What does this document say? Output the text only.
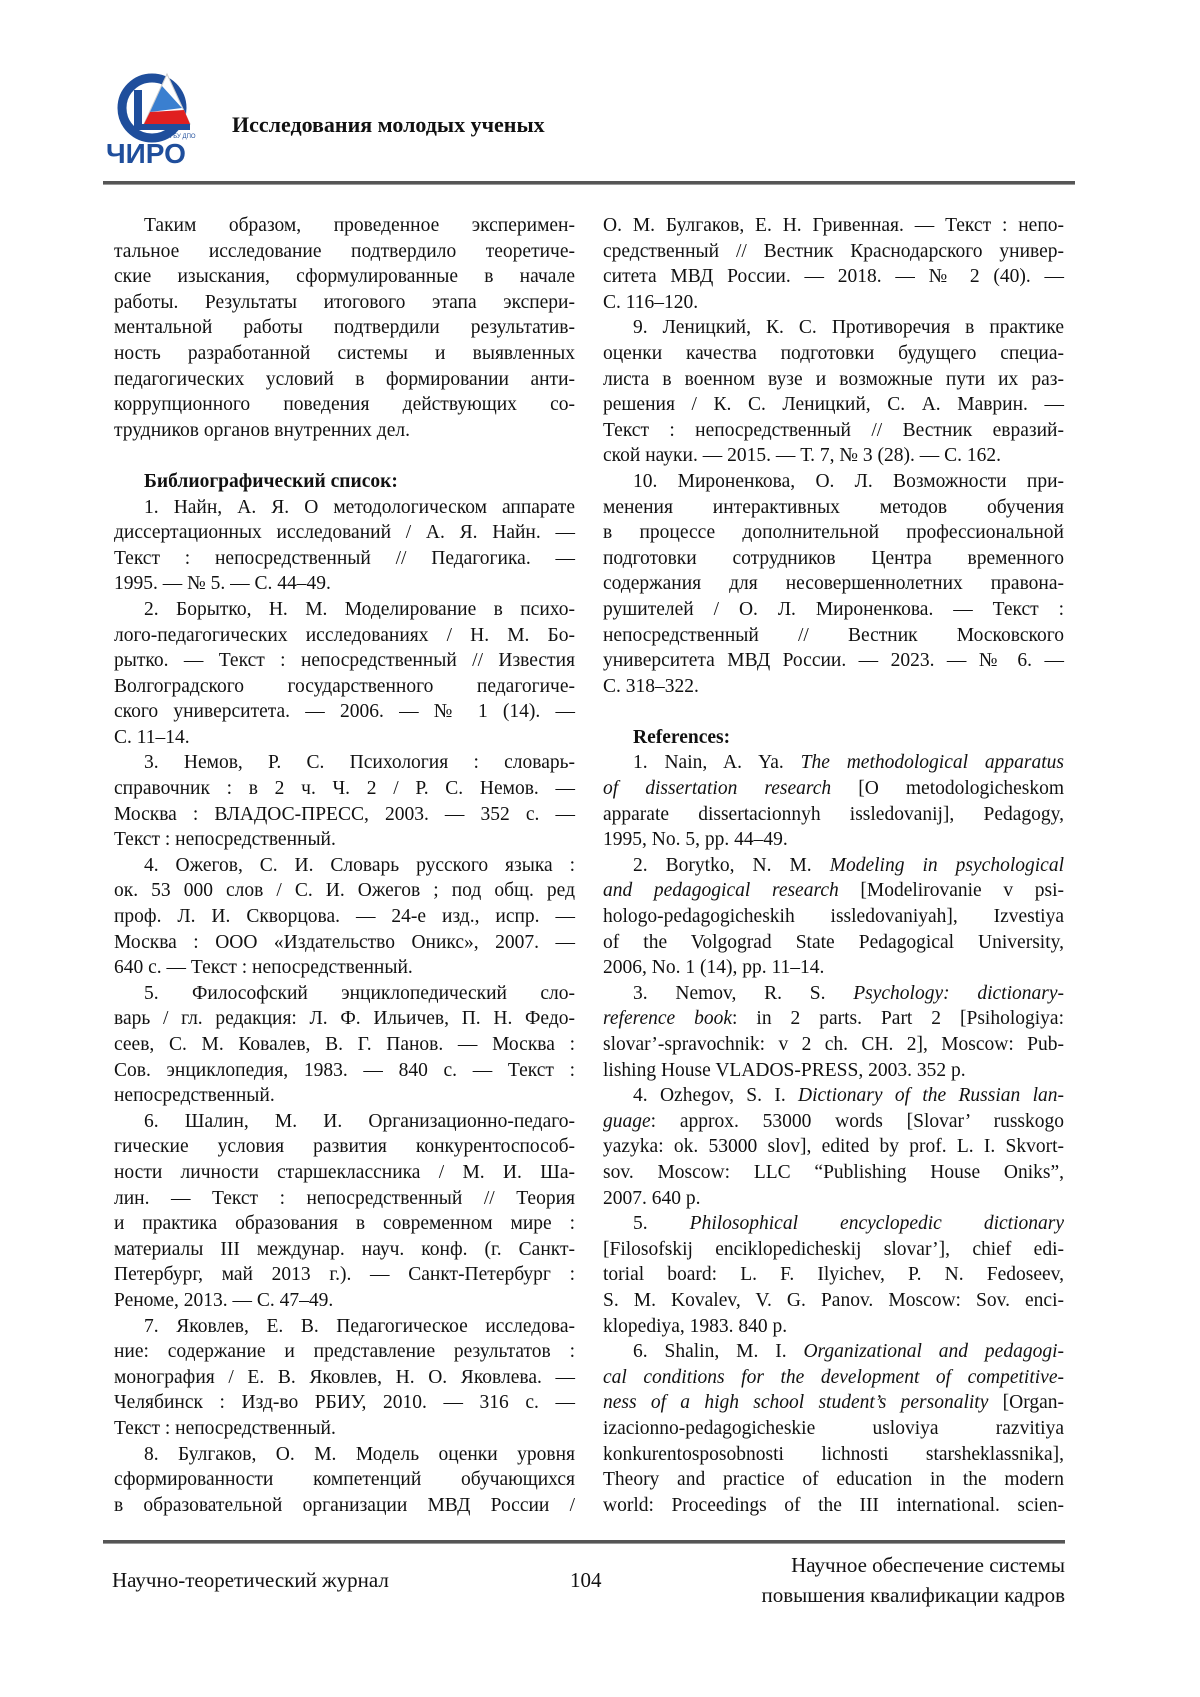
ГБУ ДПО
ЧИРО
Исследования молодых ученых
Таким образом, проведенное эксперимен-
тальное исследование подтвердило теоретиче-
ские изыскания, сформулированные в начале
работы. Результаты итогового этапа экспери-
ментальной работы подтвердили результатив-
ность разработанной системы и выявленных
педагогических условий в формировании анти-
коррупционного поведения действующих со-
трудников органов внутренних дел.
Библиографический список:
1. Найн, А. Я. О методологическом аппарате
диссертационных исследований / А. Я. Найн. —
Текст : непосредственный // Педагогика. —
1995. — № 5. — С. 44–49.
2. Борытко, Н. М. Моделирование в психо-
лого-педагогических исследованиях / Н. М. Бо-
рытко. — Текст : непосредственный // Известия
Волгоградского государственного педагогиче-
ского университета. — 2006. — № 1 (14). —
С. 11–14.
3. Немов, Р. С. Психология : словарь-
справочник : в 2 ч. Ч. 2 / Р. С. Немов. —
Москва : ВЛАДОС-ПРЕСС, 2003. — 352 с. —
Текст : непосредственный.
4. Ожегов, С. И. Словарь русского языка :
ок. 53 000 слов / С. И. Ожегов ; под общ. ред
проф. Л. И. Скворцова. — 24-е изд., испр. —
Москва : ООО «Издательство Оникс», 2007. —
640 с. — Текст : непосредственный.
5. Философский энциклопедический сло-
варь / гл. редакция: Л. Ф. Ильичев, П. Н. Федо-
сеев, С. М. Ковалев, В. Г. Панов. — Москва :
Сов. энциклопедия, 1983. — 840 с. — Текст :
непосредственный.
6. Шалин, М. И. Организационно-педаго-
гические условия развития конкурентоспособ-
ности личности старшеклассника / М. И. Ша-
лин. — Текст : непосредственный // Теория
и практика образования в современном мире :
материалы III междунар. науч. конф. (г. Санкт-
Петербург, май 2013 г.). — Санкт-Петербург :
Реноме, 2013. — С. 47–49.
7. Яковлев, Е. В. Педагогическое исследова-
ние: содержание и представление результатов :
монография / Е. В. Яковлев, Н. О. Яковлева. —
Челябинск : Изд-во РБИУ, 2010. — 316 с. —
Текст : непосредственный.
8. Булгаков, О. М. Модель оценки уровня
сформированности компетенций обучающихся
в образовательной организации МВД России /
О. М. Булгаков, Е. Н. Гривенная. — Текст : непо-
средственный // Вестник Краснодарского универ-
ситета МВД России. — 2018. — № 2 (40). —
С. 116–120.
9. Леницкий, К. С. Противоречия в практике
оценки качества подготовки будущего специа-
листа в военном вузе и возможные пути их раз-
решения / К. С. Леницкий, С. А. Маврин. —
Текст : непосредственный // Вестник евразий-
ской науки. — 2015. — Т. 7, № 3 (28). — С. 162.
10. Мироненкова, О. Л. Возможности при-
менения интерактивных методов обучения
в процессе дополнительной профессиональной
подготовки сотрудников Центра временного
содержания для несовершеннолетних правона-
рушителей / О. Л. Мироненкова. — Текст :
непосредственный // Вестник Московского
университета МВД России. — 2023. — № 6. —
С. 318–322.
References:
1. Nain, A. Ya. The methodological apparatus
of dissertation research [O metodologicheskom
apparate dissertacionnyh issledovanij], Pedagogy,
1995, No. 5, pp. 44–49.
2. Borytko, N. M. Modeling in psychological
and pedagogical research [Modelirovanie v psi-
hologo-pedagogicheskih issledovaniyah], Izvestiya
of the Volgograd State Pedagogical University,
2006, No. 1 (14), pp. 11–14.
3. Nemov, R. S. Psychology: dictionary-
reference book: in 2 parts. Part 2 [Psihologiya:
slovar’-spravochnik: v 2 ch. CH. 2], Moscow: Pub-
lishing House VLADOS-PRESS, 2003. 352 p.
4. Ozhegov, S. I. Dictionary of the Russian lan-
guage: approx. 53000 words [Slovar’ russkogo
yazyka: ok. 53000 slov], edited by prof. L. I. Skvort-
sov. Moscow: LLC “Publishing House Oniks”,
2007. 640 p.
5. Philosophical encyclopedic dictionary
[Filosofskij enciklopedicheskij slovar’], chief edi-
torial board: L. F. Ilyichev, P. N. Fedoseev,
S. M. Kovalev, V. G. Panov. Moscow: Sov. enci-
klopediya, 1983. 840 p.
6. Shalin, M. I. Organizational and pedagogi-
cal conditions for the development of competitive-
ness of a high school student’s personality [Organ-
izacionno-pedagogicheskie usloviya razvitiya
konkurentosposobnosti lichnosti starsheklassnika],
Theory and practice of education in the modern
world: Proceedings of the III international. scien-
Научно-теоретический журнал	104
Научное обеспечение системы
повышения квалификации кадров
